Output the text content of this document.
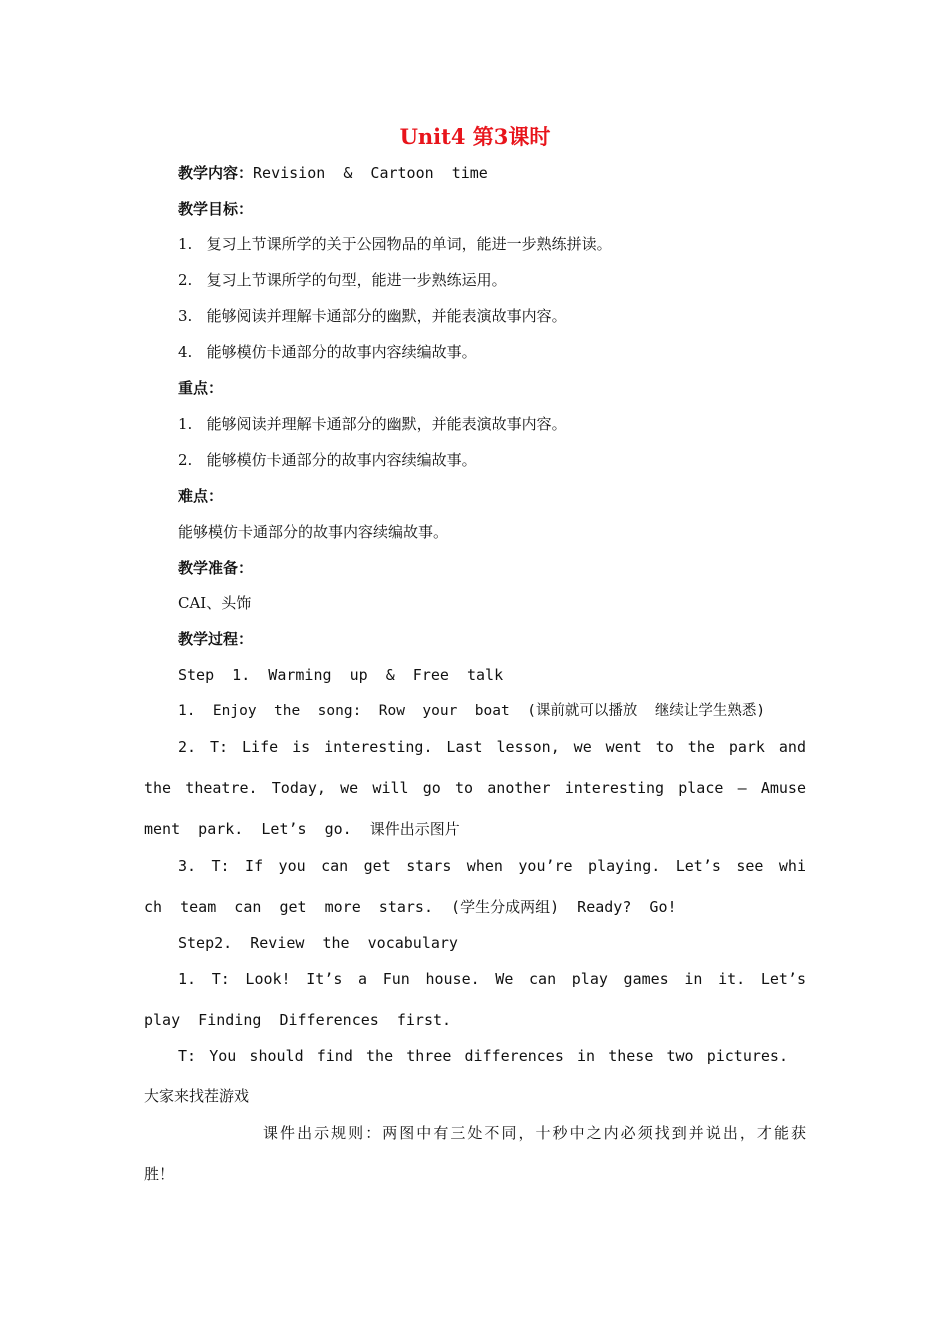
Unit4 第3课时
教学内容：Revision  &  Cartoon  time
教学目标：
1.   复习上节课所学的关于公园物品的单词，能进一步熟练拼读。
2.   复习上节课所学的句型，能进一步熟练运用。
3.   能够阅读并理解卡通部分的幽默，并能表演故事内容。
4.   能够模仿卡通部分的故事内容续编故事。
重点：
1.   能够阅读并理解卡通部分的幽默，并能表演故事内容。
2.   能够模仿卡通部分的故事内容续编故事。
难点：
能够模仿卡通部分的故事内容续编故事。
教学准备：
CAI、头饰
教学过程：
Step  1.  Warming  up  &  Free  talk
1.  Enjoy  the  song:  Row  your  boat  (课前就可以播放  继续让学生熟悉)
2. T: Life is interesting. Last lesson, we went to the park and
the theatre. Today, we will go to another interesting place – Amuse
ment  park.  Let’s  go.  课件出示图片
3. T: If you can get stars when you’re playing. Let’s see whi
ch  team  can  get  more  stars.  (学生分成两组)  Ready?  Go!
Step2.  Review  the  vocabulary
1. T: Look! It’s a Fun house. We can play games in it. Let’s
play  Finding  Differences  first.
T: You should find the three differences in these two pictures.
大家来找茬游戏
课件出示规则：两图中有三处不同，十秒中之内必须找到并说出，才能获
胜！
